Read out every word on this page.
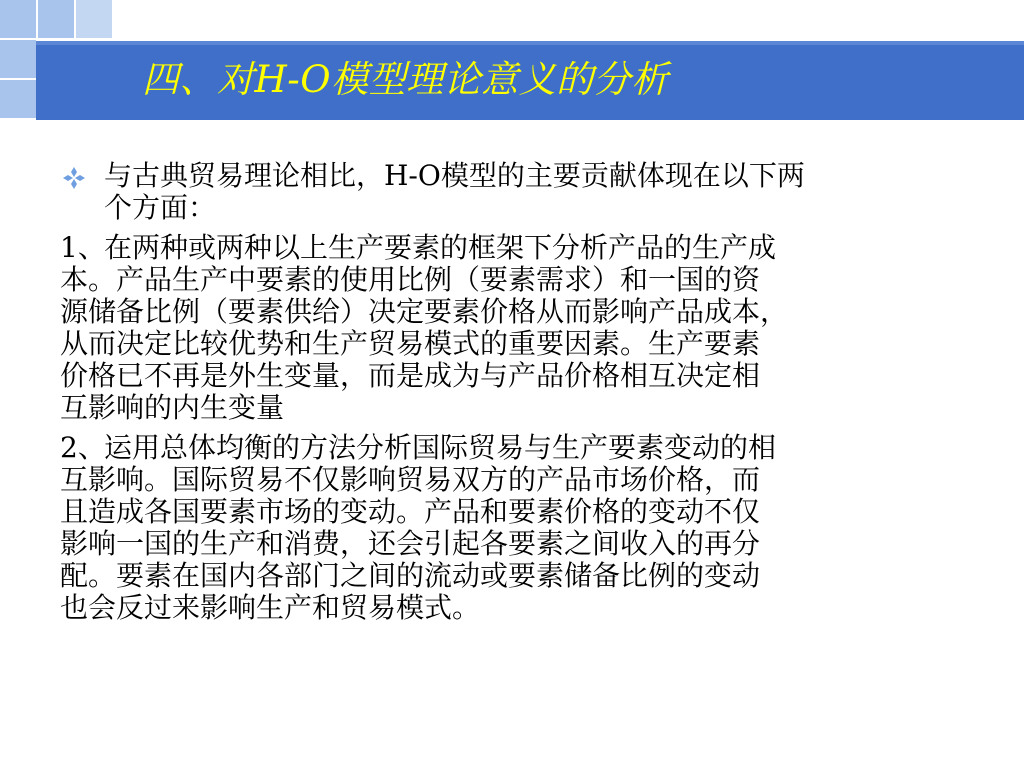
四、对H-O模型理论意义的分析
与古典贸易理论相比，H-O模型的主要贡献体现在以下两
个方面：
1、在两种或两种以上生产要素的框架下分析产品的生产成
本。产品生产中要素的使用比例（要素需求）和一国的资
源储备比例（要素供给）决定要素价格从而影响产品成本，
从而决定比较优势和生产贸易模式的重要因素。生产要素
价格已不再是外生变量，而是成为与产品价格相互决定相
互影响的内生变量
2、运用总体均衡的方法分析国际贸易与生产要素变动的相
互影响。国际贸易不仅影响贸易双方的产品市场价格，而
且造成各国要素市场的变动。产品和要素价格的变动不仅
影响一国的生产和消费，还会引起各要素之间收入的再分
配。要素在国内各部门之间的流动或要素储备比例的变动
也会反过来影响生产和贸易模式。
